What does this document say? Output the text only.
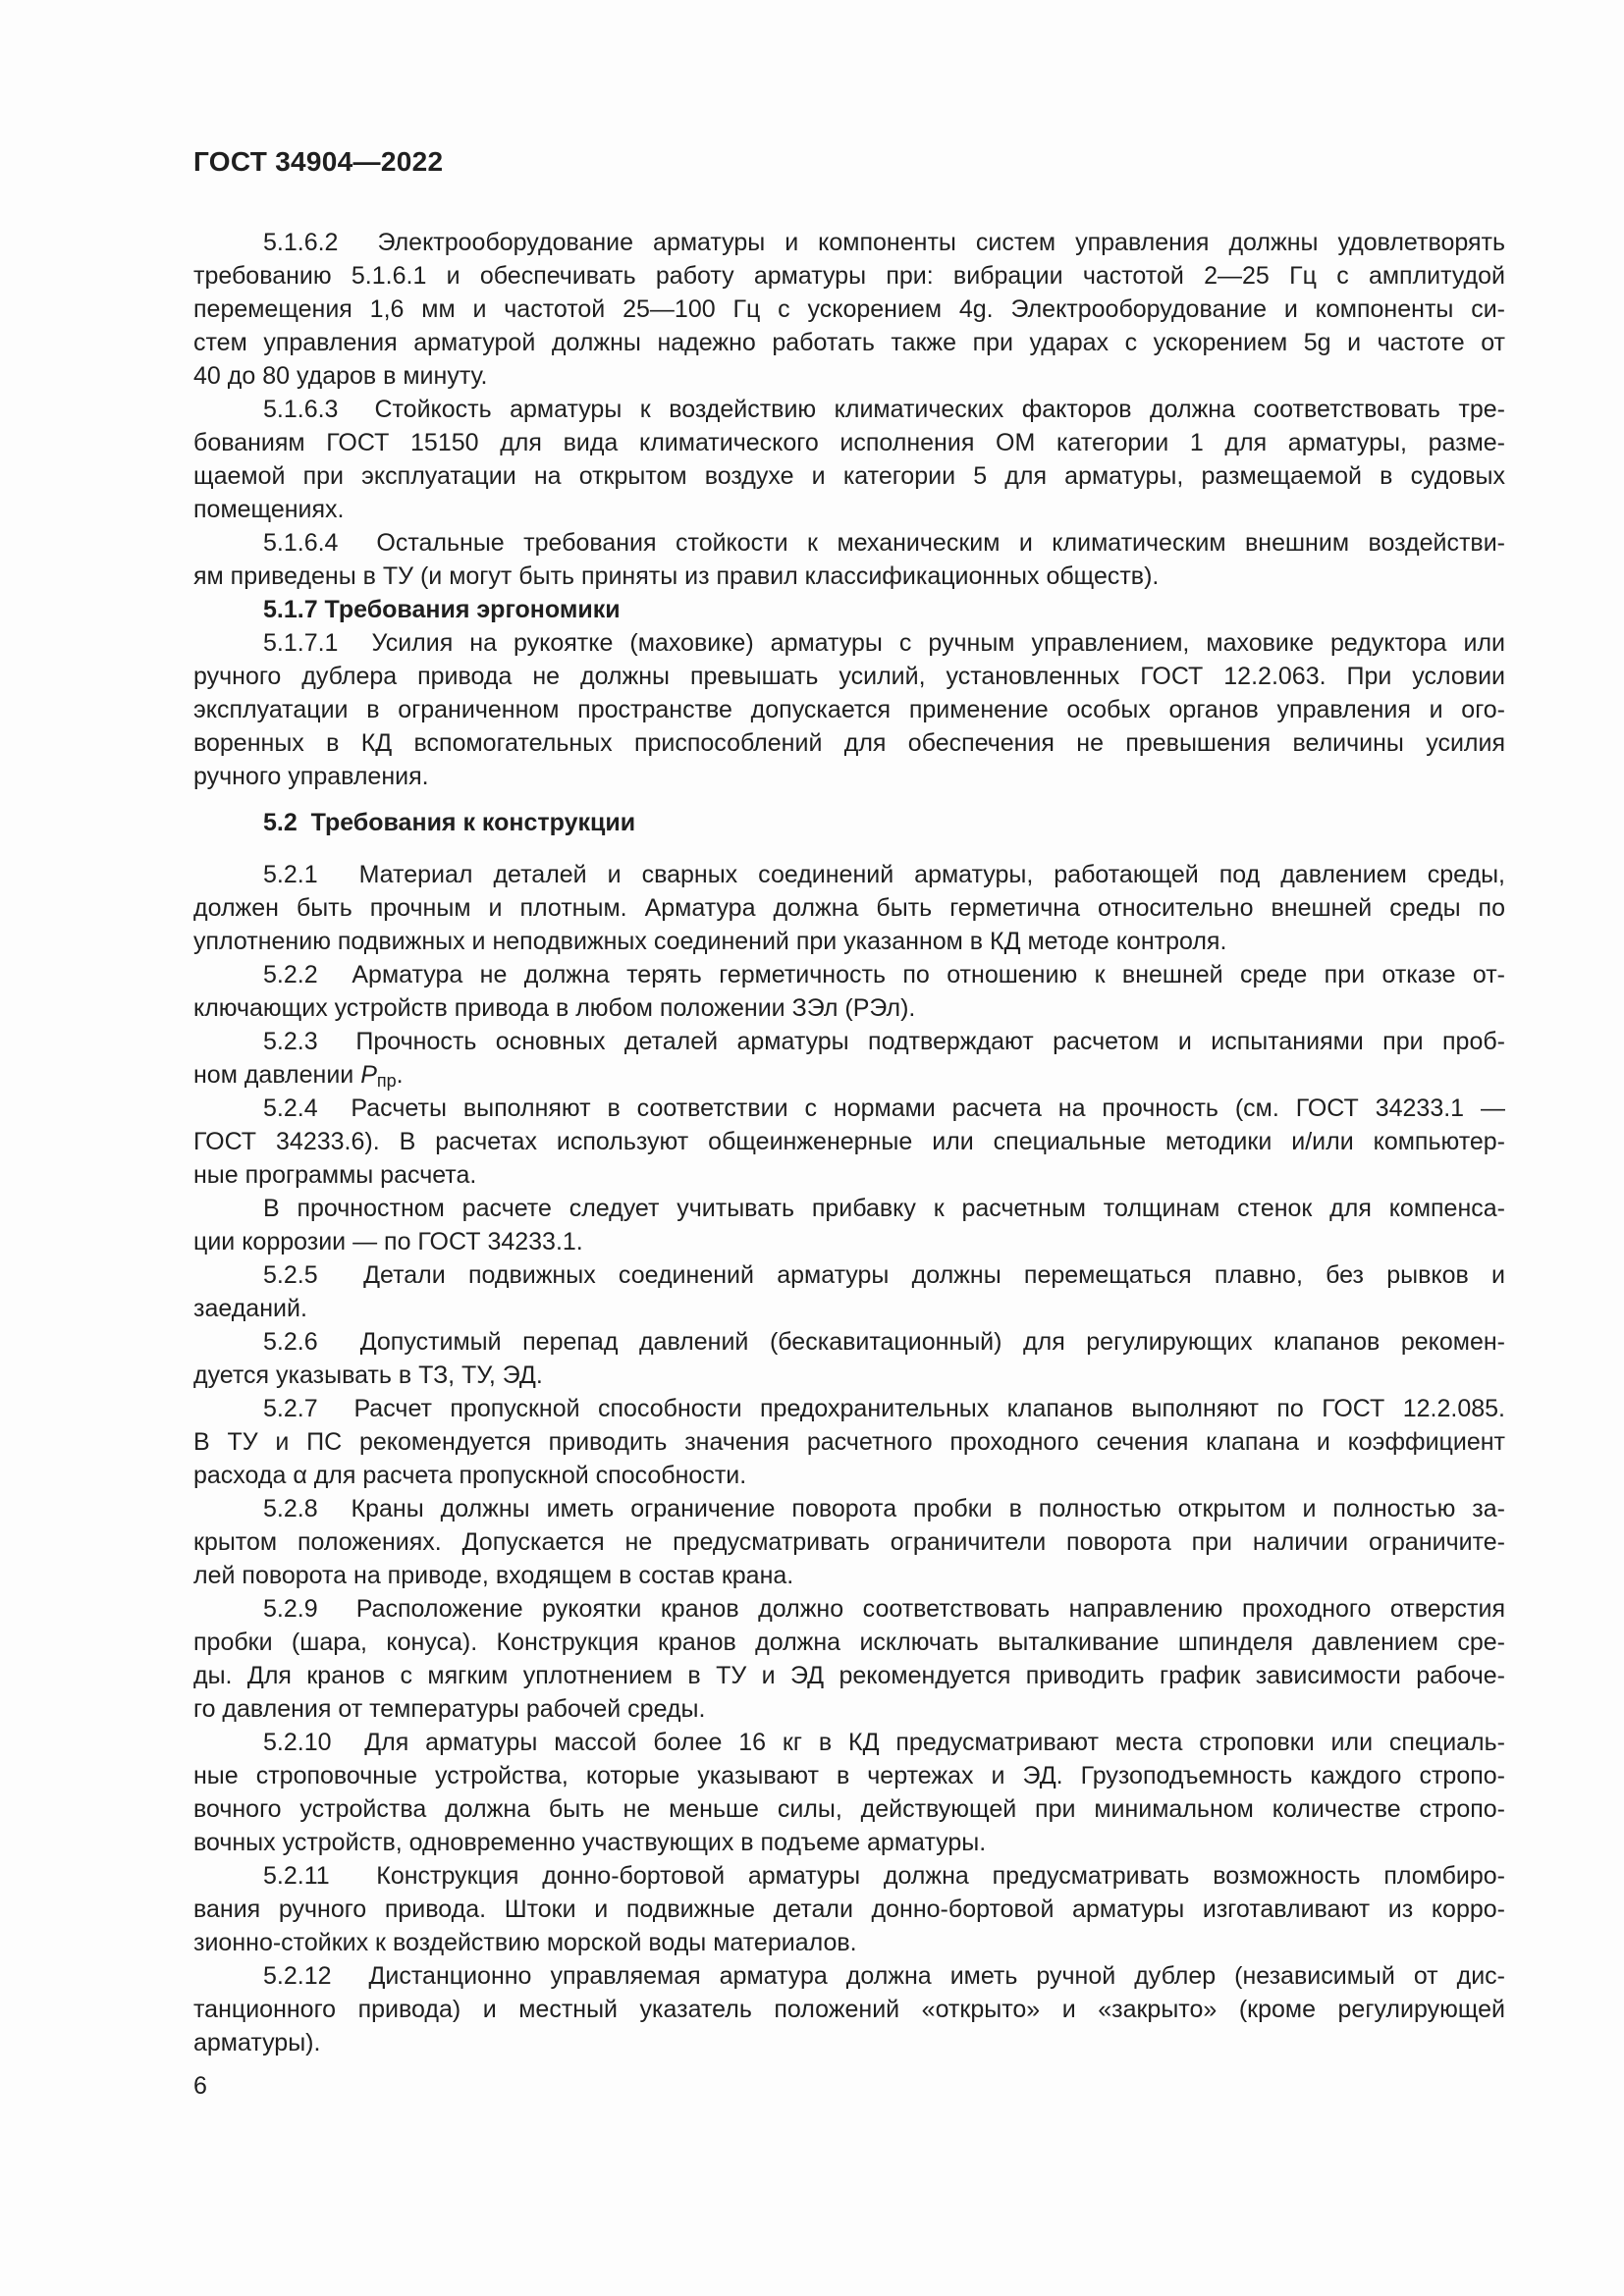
ГОСТ 34904—2022
5.1.6.2  Электрооборудование арматуры и компоненты систем управления должны удовлетворять
требованию 5.1.6.1 и обеспечивать работу арматуры при: вибрации частотой 2—25 Гц с амплитудой
перемещения 1,6 мм и частотой 25—100 Гц с ускорением 4g. Электрооборудование и компоненты си-
стем управления арматурой должны надежно работать также при ударах с ускорением 5g и частоте от
40 до 80 ударов в минуту.
5.1.6.3  Стойкость арматуры к воздействию климатических факторов должна соответствовать тре-
бованиям ГОСТ 15150 для вида климатического исполнения ОМ категории 1 для арматуры, разме-
щаемой при эксплуатации на открытом воздухе и категории 5 для арматуры, размещаемой в судовых
помещениях.
5.1.6.4  Остальные требования стойкости к механическим и климатическим внешним воздействи-
ям приведены в ТУ (и могут быть приняты из правил классификационных обществ).
5.1.7 Требования эргономики
5.1.7.1  Усилия на рукоятке (маховике) арматуры с ручным управлением, маховике редуктора или
ручного дублера привода не должны превышать усилий, установленных ГОСТ 12.2.063. При условии
эксплуатации в ограниченном пространстве допускается применение особых органов управления и ого-
воренных в КД вспомогательных приспособлений для обеспечения не превышения величины усилия
ручного управления.
5.2  Требования к конструкции
5.2.1  Материал деталей и сварных соединений арматуры, работающей под давлением среды,
должен быть прочным и плотным. Арматура должна быть герметична относительно внешней среды по
уплотнению подвижных и неподвижных соединений при указанном в КД методе контроля.
5.2.2  Арматура не должна терять герметичность по отношению к внешней среде при отказе от-
ключающих устройств привода в любом положении ЗЭл (РЭл).
5.2.3  Прочность основных деталей арматуры подтверждают расчетом и испытаниями при проб-
ном давлении Pпр.
5.2.4  Расчеты выполняют в соответствии с нормами расчета на прочность (см. ГОСТ 34233.1 —
ГОСТ 34233.6). В расчетах используют общеинженерные или специальные методики и/или компьютер-
ные программы расчета.
В прочностном расчете следует учитывать прибавку к расчетным толщинам стенок для компенса-
ции коррозии — по ГОСТ 34233.1.
5.2.5  Детали подвижных соединений арматуры должны перемещаться плавно, без рывков и
заеданий.
5.2.6  Допустимый перепад давлений (бескавитационный) для регулирующих клапанов рекомен-
дуется указывать в ТЗ, ТУ, ЭД.
5.2.7  Расчет пропускной способности предохранительных клапанов выполняют по ГОСТ 12.2.085.
В ТУ и ПС рекомендуется приводить значения расчетного проходного сечения клапана и коэффициент
расхода α для расчета пропускной способности.
5.2.8  Краны должны иметь ограничение поворота пробки в полностью открытом и полностью за-
крытом положениях. Допускается не предусматривать ограничители поворота при наличии ограничите-
лей поворота на приводе, входящем в состав крана.
5.2.9  Расположение рукоятки кранов должно соответствовать направлению проходного отверстия
пробки (шара, конуса). Конструкция кранов должна исключать выталкивание шпинделя давлением сре-
ды. Для кранов с мягким уплотнением в ТУ и ЭД рекомендуется приводить график зависимости рабоче-
го давления от температуры рабочей среды.
5.2.10  Для арматуры массой более 16 кг в КД предусматривают места строповки или специаль-
ные строповочные устройства, которые указывают в чертежах и ЭД. Грузоподъемность каждого стропо-
вочного устройства должна быть не меньше силы, действующей при минимальном количестве стропо-
вочных устройств, одновременно участвующих в подъеме арматуры.
5.2.11  Конструкция донно-бортовой арматуры должна предусматривать возможность пломбиро-
вания ручного привода. Штоки и подвижные детали донно-бортовой арматуры изготавливают из корро-
зионно-стойких к воздействию морской воды материалов.
5.2.12  Дистанционно управляемая арматура должна иметь ручной дублер (независимый от дис-
танционного привода) и местный указатель положений «открыто» и «закрыто» (кроме регулирующей
арматуры).
6
